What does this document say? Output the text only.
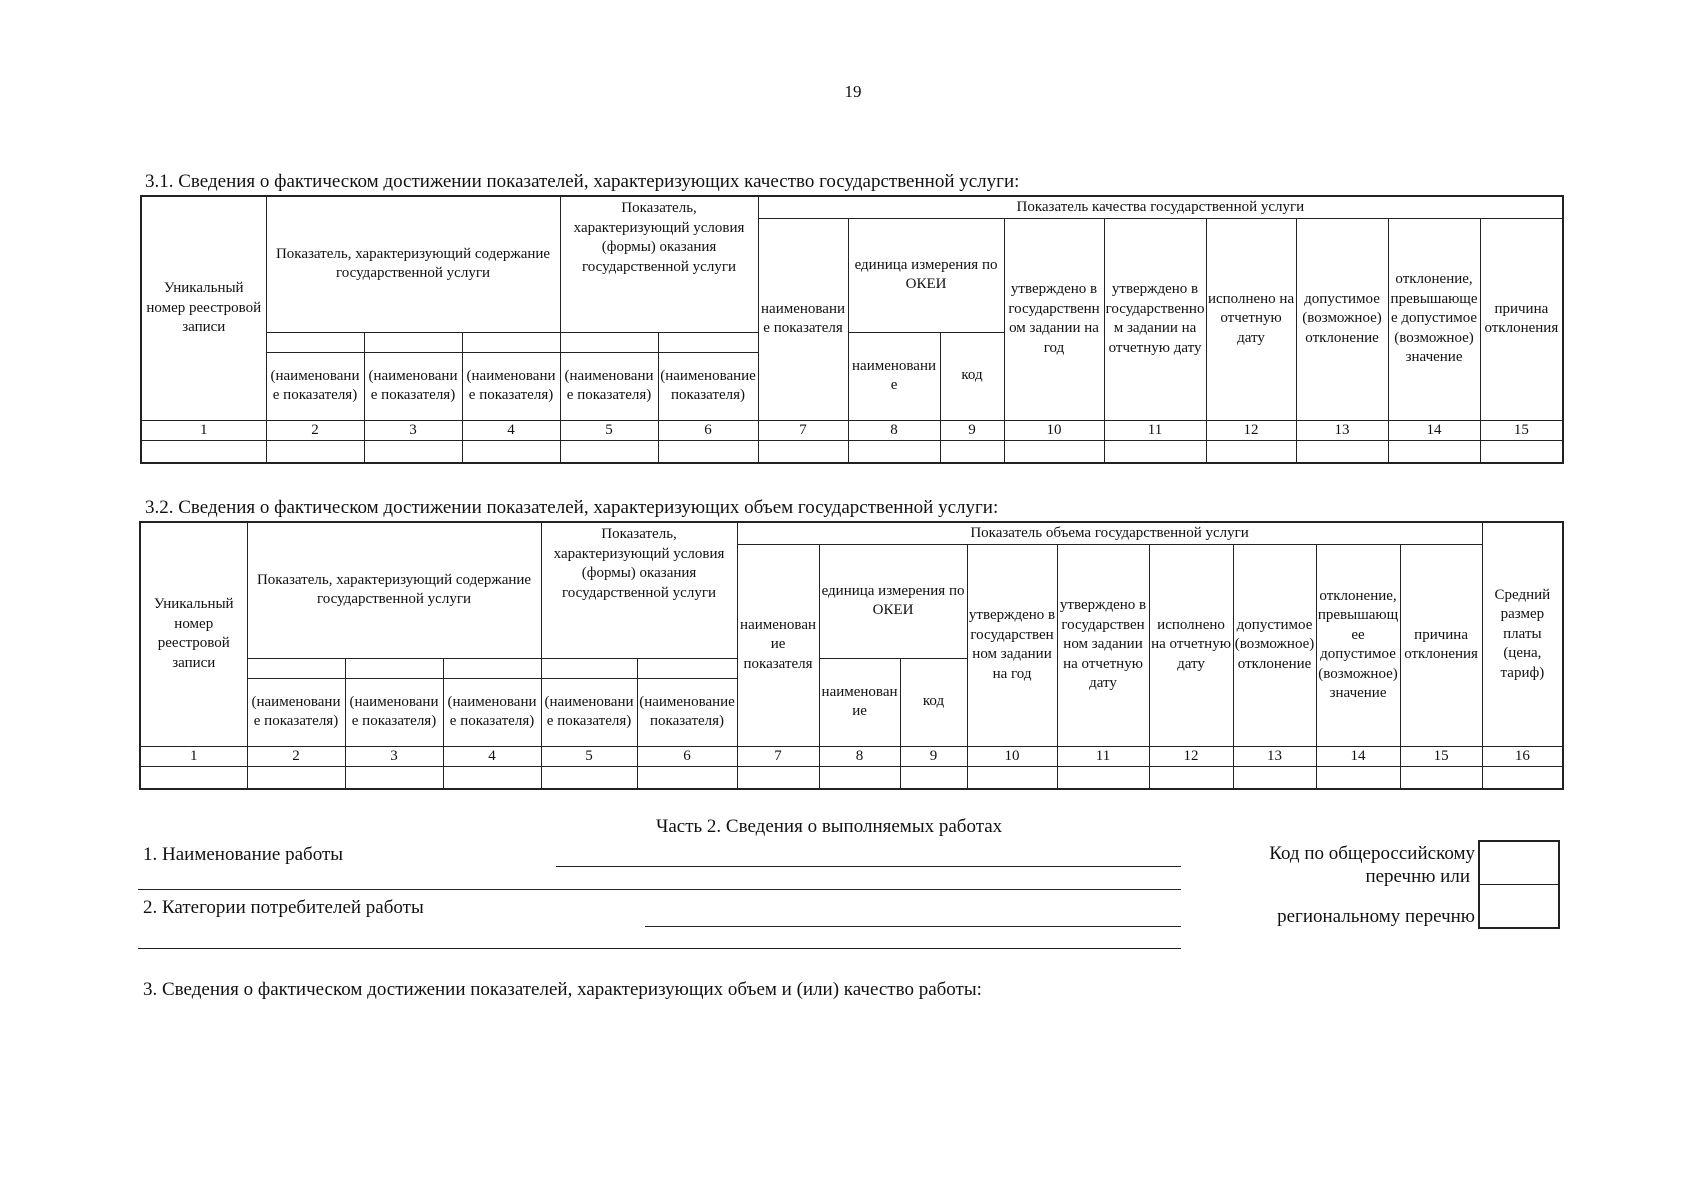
19
3.1. Сведения о фактическом достижении показателей, характеризующих качество государственной услуги:
Уникальный номер реестровой записи	Показатель, характеризующий содержание государственной услуги			Показатель, характеризующий условия (формы) оказания государственной услуги		Показатель качества государственной услуги								
						наименование показателя	единица измерения по ОКЕИ		утверждено в государственном задании на год	утверждено в государственном задании на отчетную дату	исполнено на отчетную дату	допустимое (возможное) отклонение	отклонение, превышающее допустимое (возможное) значение	причина отклонения
							наименование	код						
	(наименование показателя)	(наименование показателя)	(наименование показателя)	(наименование показателя)	(наименование показателя)									
1	2	3	4	5	6	7	8	9	10	11	12	13	14	15

3.2. Сведения о фактическом достижении показателей, характеризующих объем государственной услуги:
Уникальный номер реестровой записи	Показатель, характеризующий содержание государственной услуги			Показатель, характеризующий условия (формы) оказания государственной услуги		Показатель объема государственной услуги									Средний размер платы (цена, тариф)
						наименование показателя	единица измерения по ОКЕИ		утверждено в государственном задании на год	утверждено в государственном задании на отчетную дату	исполнено на отчетную дату	допустимое (возможное) отклонение	отклонение, превышающее допустимое (возможное) значение	причина отклонения	
							наименование	код							
	(наименование показателя)	(наименование показателя)	(наименование показателя)	(наименование показателя)	(наименование показателя)										
1	2	3	4	5	6	7	8	9	10	11	12	13	14	15	16

Часть 2. Сведения о выполняемых работах
1. Наименование работы
2. Категории потребителей работы
Код по общероссийскому
перечню или
региональному перечню
3. Сведения о фактическом достижении показателей, характеризующих объем и (или) качество работы:
